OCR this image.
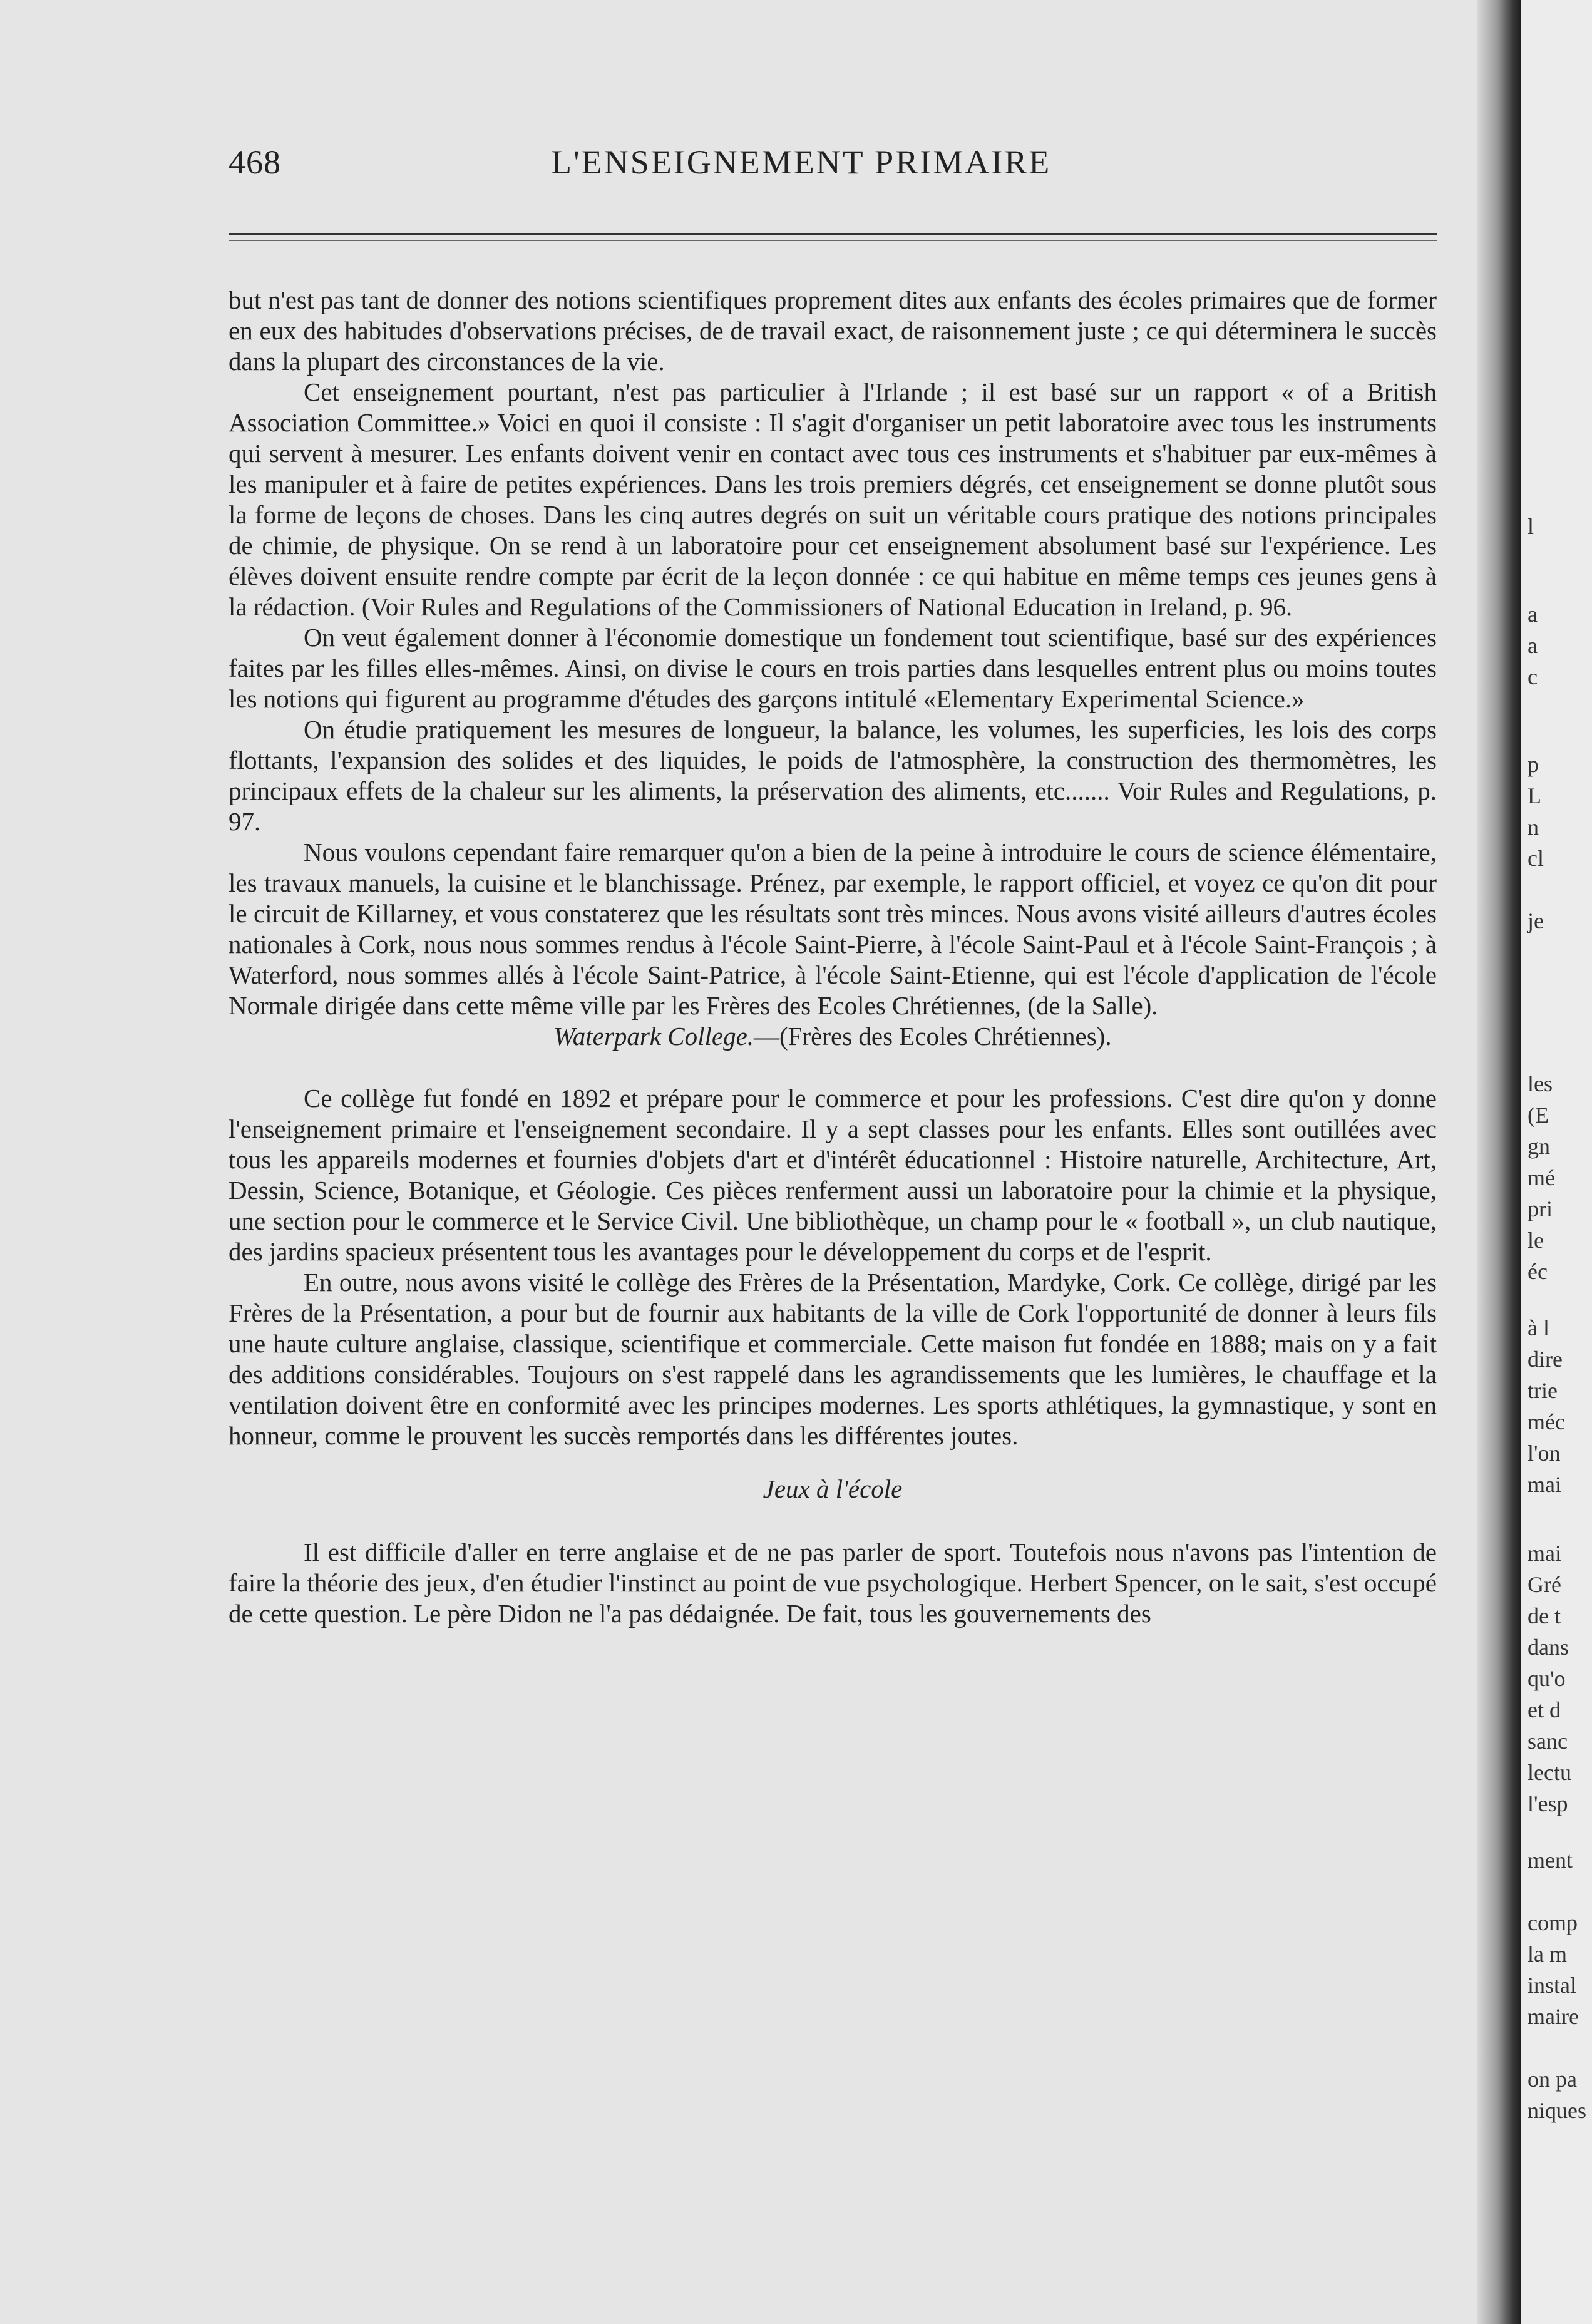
468	L'ENSEIGNEMENT PRIMAIRE

but n'est pas tant de donner des notions scientifiques proprement dites aux enfants des écoles primaires que de former en eux des habitudes d'observations précises, de de travail exact, de raisonnement juste ; ce qui déterminera le succès dans la plupart des circonstances de la vie.

Cet enseignement pourtant, n'est pas particulier à l'Irlande ; il est basé sur un rapport « of a British Association Committee.» Voici en quoi il consiste : Il s'agit d'organiser un petit laboratoire avec tous les instruments qui servent à mesurer. Les enfants doivent venir en contact avec tous ces instruments et s'habituer par eux-mêmes à les manipuler et à faire de petites expériences. Dans les trois premiers dégrés, cet enseignement se donne plutôt sous la forme de leçons de choses. Dans les cinq autres degrés on suit un véritable cours pratique des notions principales de chimie, de physique. On se rend à un laboratoire pour cet enseignement absolument basé sur l'expérience. Les élèves doivent ensuite rendre compte par écrit de la leçon donnée : ce qui habitue en même temps ces jeunes gens à la rédaction. (Voir Rules and Regulations of the Commissioners of National Education in Ireland, p. 96.

On veut également donner à l'économie domestique un fondement tout scientifique, basé sur des expériences faites par les filles elles-mêmes. Ainsi, on divise le cours en trois parties dans lesquelles entrent plus ou moins toutes les notions qui figurent au programme d'études des garçons intitulé «Elementary Experimental Science.»

On étudie pratiquement les mesures de longueur, la balance, les volumes, les superficies, les lois des corps flottants, l'expansion des solides et des liquides, le poids de l'atmosphère, la construction des thermomètres, les principaux effets de la chaleur sur les aliments, la préservation des aliments, etc....... Voir Rules and Regulations, p. 97.

Nous voulons cependant faire remarquer qu'on a bien de la peine à introduire le cours de science élémentaire, les travaux manuels, la cuisine et le blanchissage. Prénez, par exemple, le rapport officiel, et voyez ce qu'on dit pour le circuit de Killarney, et vous constaterez que les résultats sont très minces. Nous avons visité ailleurs d'autres écoles nationales à Cork, nous nous sommes rendus à l'école Saint-Pierre, à l'école Saint-Paul et à l'école Saint-François ; à Waterford, nous sommes allés à l'école Saint-Patrice, à l'école Saint-Etienne, qui est l'école d'application de l'école Normale dirigée dans cette même ville par les Frères des Ecoles Chrétiennes, (de la Salle).

Waterpark College.—(Frères des Ecoles Chrétiennes).

Ce collège fut fondé en 1892 et prépare pour le commerce et pour les professions. C'est dire qu'on y donne l'enseignement primaire et l'enseignement secondaire. Il y a sept classes pour les enfants. Elles sont outillées avec tous les appareils modernes et fournies d'objets d'art et d'intérêt éducationnel : Histoire naturelle, Architecture, Art, Dessin, Science, Botanique, et Géologie. Ces pièces renferment aussi un laboratoire pour la chimie et la physique, une section pour le commerce et le Service Civil. Une bibliothèque, un champ pour le « football », un club nautique, des jardins spacieux présentent tous les avantages pour le développement du corps et de l'esprit.

En outre, nous avons visité le collège des Frères de la Présentation, Mardyke, Cork. Ce collège, dirigé par les Frères de la Présentation, a pour but de fournir aux habitants de la ville de Cork l'opportunité de donner à leurs fils une haute culture anglaise, classique, scientifique et commerciale. Cette maison fut fondée en 1888; mais on y a fait des additions considérables. Toujours on s'est rappelé dans les agrandissements que les lumières, le chauffage et la ventilation doivent être en conformité avec les principes modernes. Les sports athlétiques, la gymnastique, y sont en honneur, comme le prouvent les succès remportés dans les différentes joutes.

Jeux à l'école

Il est difficile d'aller en terre anglaise et de ne pas parler de sport. Toutefois nous n'avons pas l'intention de faire la théorie des jeux, d'en étudier l'instinct au point de vue psychologique. Herbert Spencer, on le sait, s'est occupé de cette question. Le père Didon ne l'a pas dédaignée. De fait, tous les gouvernements des

l
a
a
c
p
L
n
cl
je
les
(E
gn
mé
pri
le
éc
à l
dire
trie
méc
l'on
mai
mai
Gré
de t
dans
qu'o
et d
sanc
lectu
l'esp
ment
comp
la m
instal
maire
on pa
niques
